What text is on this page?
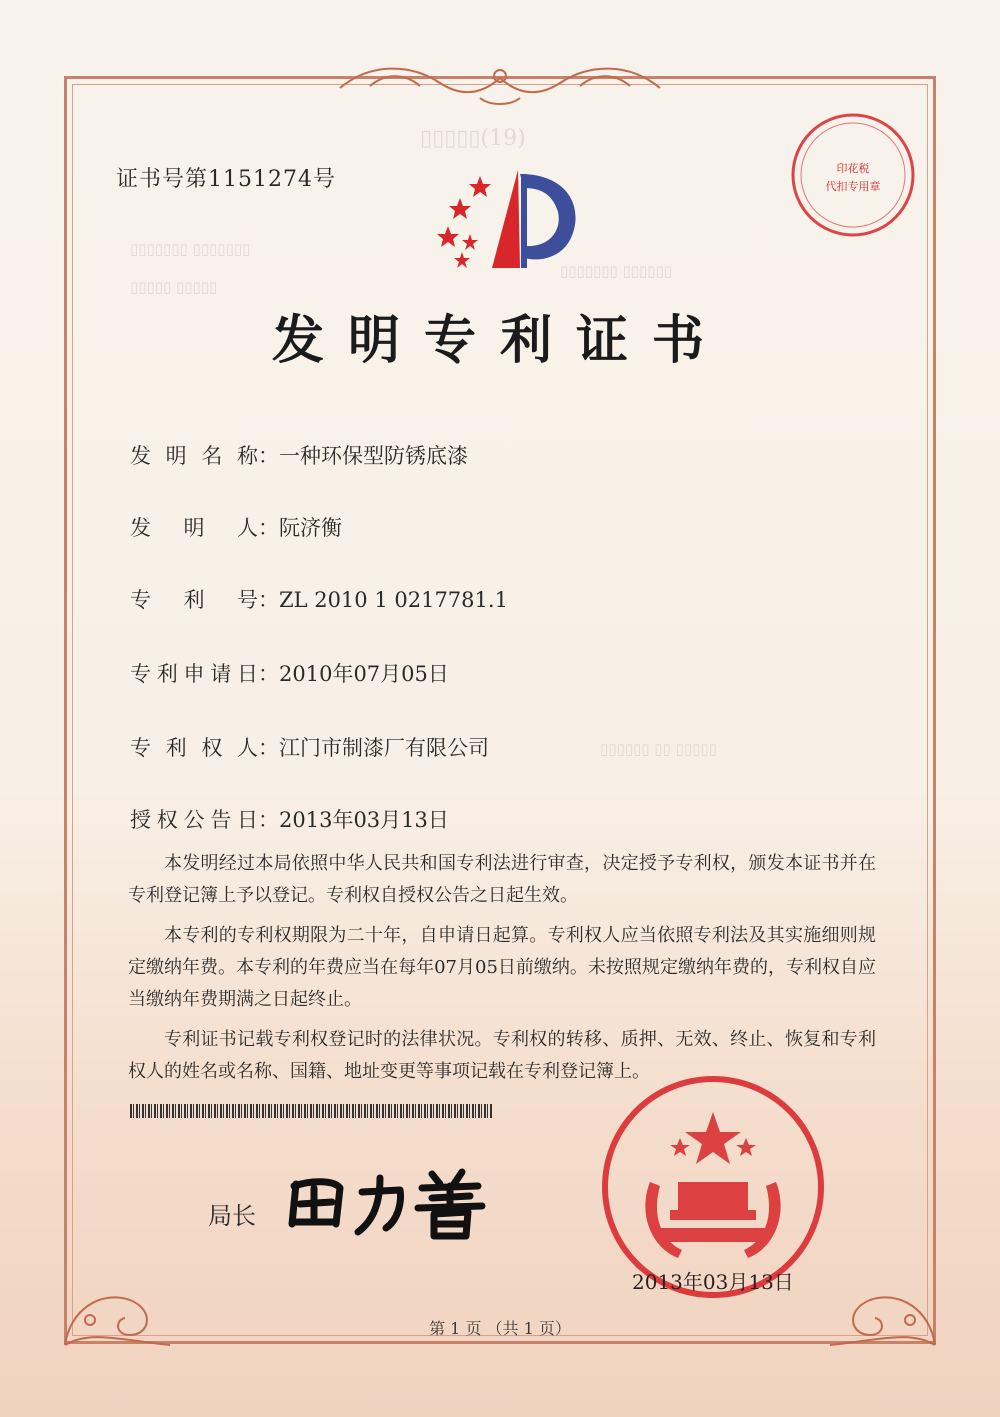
▯▯▯▯▯(19)
▯▯▯▯▯▯▯ ▯▯▯▯▯▯▯
▯▯▯▯▯ ▯▯▯▯▯
▯▯▯▯▯▯▯ ▯▯▯▯▯▯
▯▯▯▯▯▯ ▯▯ ▯▯▯▯▯
证书号第1151274号
发明专利证书
发明名称：一种环保型防锈底漆
发明人：阮济衡
专利号：ZL 2010 1 0217781.1
专利申请日：2010年07月05日
专利权人：江门市制漆厂有限公司
授权公告日：2013年03月13日

本发明经过本局依照中华人民共和国专利法进行审查，决定授予专利权，颁发本证书并在专利登记簿上予以登记。专利权自授权公告之日起生效。

本专利的专利权期限为二十年，自申请日起算。专利权人应当依照专利法及其实施细则规定缴纳年费。本专利的年费应当在每年07月05日前缴纳。未按照规定缴纳年费的，专利权自应当缴纳年费期满之日起终止。

专利证书记载专利权登记时的法律状况。专利权的转移、质押、无效、终止、恢复和专利权人的姓名或名称、国籍、地址变更等事项记载在专利登记簿上。

局长
2013年03月13日
印花税
代扣专用章
第 1 页 （共 1 页）
